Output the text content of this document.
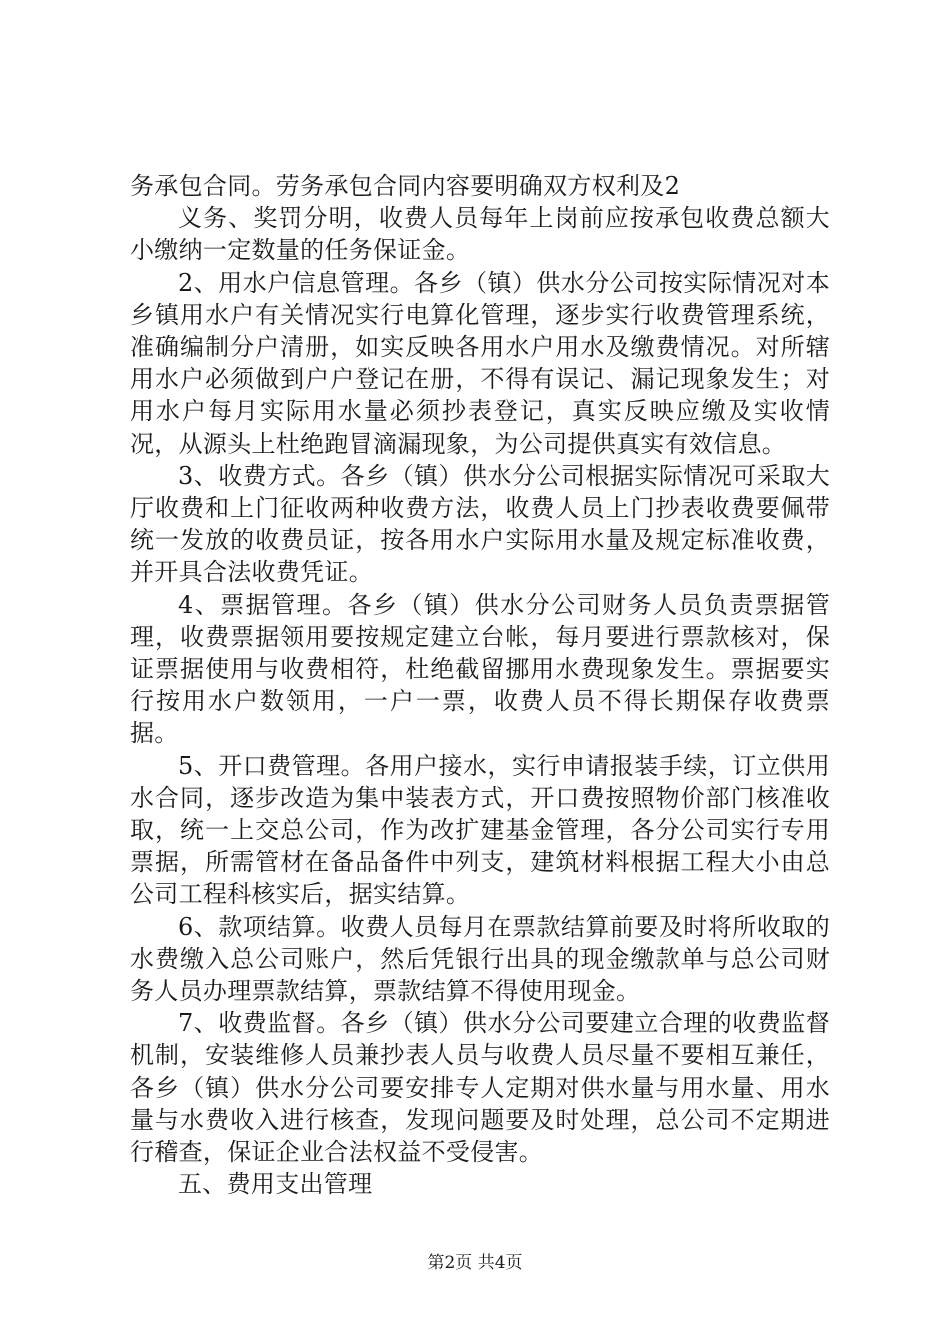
务承包合同。劳务承包合同内容要明确双方权利及2

义务、奖罚分明，收费人员每年上岗前应按承包收费总额大小缴纳一定数量的任务保证金。

2、用水户信息管理。各乡（镇）供水分公司按实际情况对本乡镇用水户有关情况实行电算化管理，逐步实行收费管理系统，准确编制分户清册，如实反映各用水户用水及缴费情况。对所辖用水户必须做到户户登记在册，不得有误记、漏记现象发生；对用水户每月实际用水量必须抄表登记，真实反映应缴及实收情况，从源头上杜绝跑冒滴漏现象，为公司提供真实有效信息。

3、收费方式。各乡（镇）供水分公司根据实际情况可采取大厅收费和上门征收两种收费方法，收费人员上门抄表收费要佩带统一发放的收费员证，按各用水户实际用水量及规定标准收费，并开具合法收费凭证。

4、票据管理。各乡（镇）供水分公司财务人员负责票据管理，收费票据领用要按规定建立台帐，每月要进行票款核对，保证票据使用与收费相符，杜绝截留挪用水费现象发生。票据要实行按用水户数领用，一户一票，收费人员不得长期保存收费票据。

5、开口费管理。各用户接水，实行申请报装手续，订立供用水合同，逐步改造为集中装表方式，开口费按照物价部门核准收取，统一上交总公司，作为改扩建基金管理，各分公司实行专用票据，所需管材在备品备件中列支，建筑材料根据工程大小由总公司工程科核实后，据实结算。

6、款项结算。收费人员每月在票款结算前要及时将所收取的水费缴入总公司账户，然后凭银行出具的现金缴款单与总公司财务人员办理票款结算，票款结算不得使用现金。

7、收费监督。各乡（镇）供水分公司要建立合理的收费监督机制，安装维修人员兼抄表人员与收费人员尽量不要相互兼任，各乡（镇）供水分公司要安排专人定期对供水量与用水量、用水量与水费收入进行核查，发现问题要及时处理，总公司不定期进行稽查，保证企业合法权益不受侵害。

五、费用支出管理

第2页 共4页
